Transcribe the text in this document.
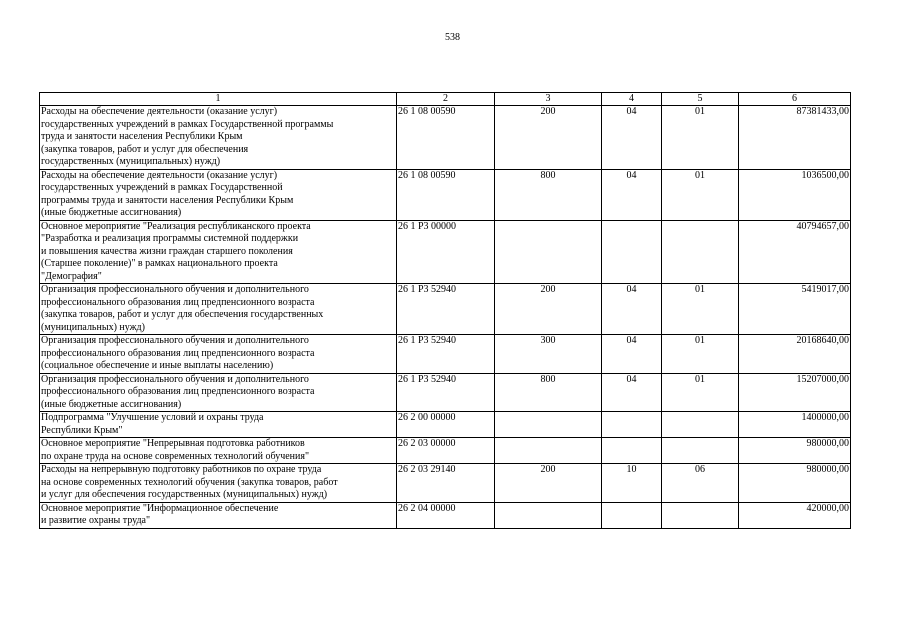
538
1	2	3	4	5	6
Расходы на обеспечение деятельности (оказание услуг)
государственных учреждений в рамках Государственной программы
труда и занятости населения Республики Крым
(закупка товаров, работ и услуг для обеспечения
государственных (муниципальных) нужд)	26 1 08 00590	200	04	01	87381433,00
Расходы на обеспечение деятельности (оказание услуг)
государственных учреждений в рамках Государственной
программы труда и занятости населения Республики Крым
(иные бюджетные ассигнования)	26 1 08 00590	800	04	01	1036500,00
Основное мероприятие "Реализация республиканского проекта
"Разработка и реализация программы системной поддержки
и повышения качества жизни граждан старшего поколения
(Старшее поколение)" в рамках национального проекта
"Демография"	26 1 P3 00000				40794657,00
Организация профессионального обучения и дополнительного
профессионального образования лиц предпенсионного возраста
(закупка товаров, работ и услуг для обеспечения государственных
(муниципальных) нужд)	26 1 P3 52940	200	04	01	5419017,00
Организация профессионального обучения и дополнительного
профессионального образования лиц предпенсионного возраста
(социальное обеспечение и иные выплаты населению)	26 1 P3 52940	300	04	01	20168640,00
Организация профессионального обучения и дополнительного
профессионального образования лиц предпенсионного возраста
(иные бюджетные ассигнования)	26 1 P3 52940	800	04	01	15207000,00
Подпрограмма "Улучшение условий и охраны труда
Республики Крым"	26 2 00 00000				1400000,00
Основное мероприятие "Непрерывная подготовка работников
по охране труда на основе современных технологий обучения"	26 2 03 00000				980000,00
Расходы на непрерывную подготовку работников по охране труда
на основе современных технологий обучения (закупка товаров, работ
и услуг для обеспечения государственных (муниципальных) нужд)	26 2 03 29140	200	10	06	980000,00
Основное мероприятие "Информационное обеспечение
и развитие охраны труда"	26 2 04 00000				420000,00
